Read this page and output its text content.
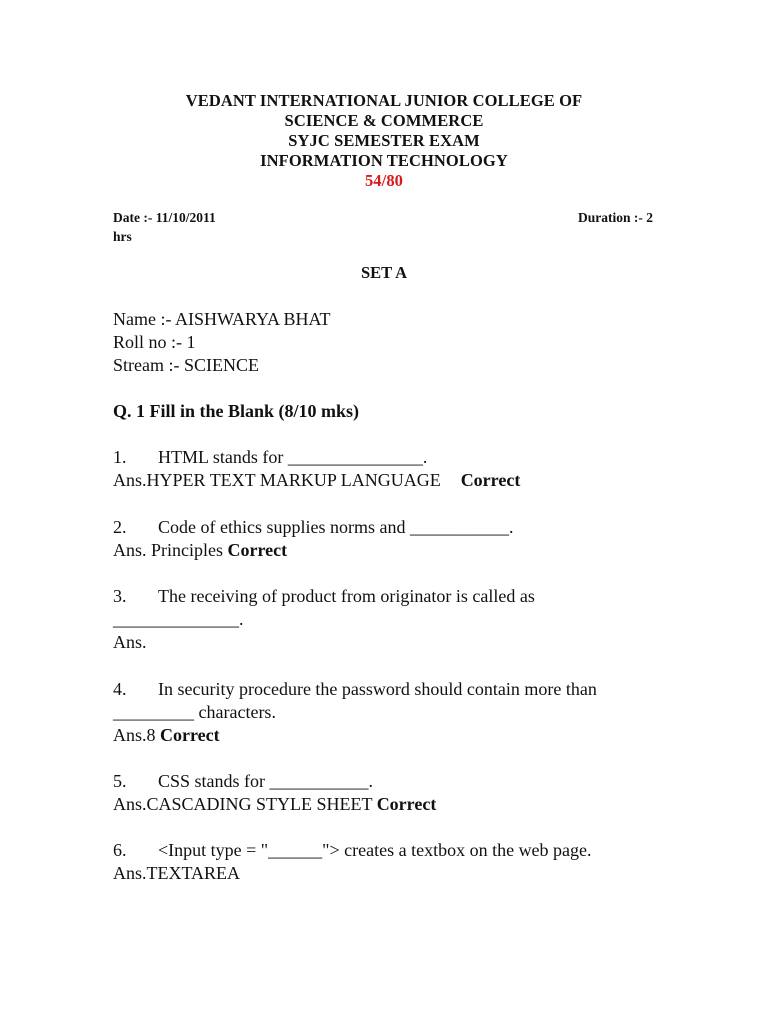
VEDANT INTERNATIONAL JUNIOR COLLEGE OF
SCIENCE & COMMERCE
SYJC SEMESTER EXAM
INFORMATION TECHNOLOGY
54/80
Date :- 11/10/2011	Duration :- 2
hrs
SET A
Name :- AISHWARYA BHAT
Roll no :- 1
Stream :- SCIENCE
Q. 1 Fill in the Blank (8/10 mks)
1. HTML stands for _______________.
Ans.HYPER TEXT MARKUP LANGUAGE Correct
2. Code of ethics supplies norms and ___________.
Ans. Principles Correct
3. The receiving of product from originator is called as
______________.
Ans.
4. In security procedure the password should contain more than
_________ characters.
Ans.8 Correct
5. CSS stands for ___________.
Ans.CASCADING STYLE SHEET Correct
6. <Input type = "______"> creates a textbox on the web page.
Ans.TEXTAREA
